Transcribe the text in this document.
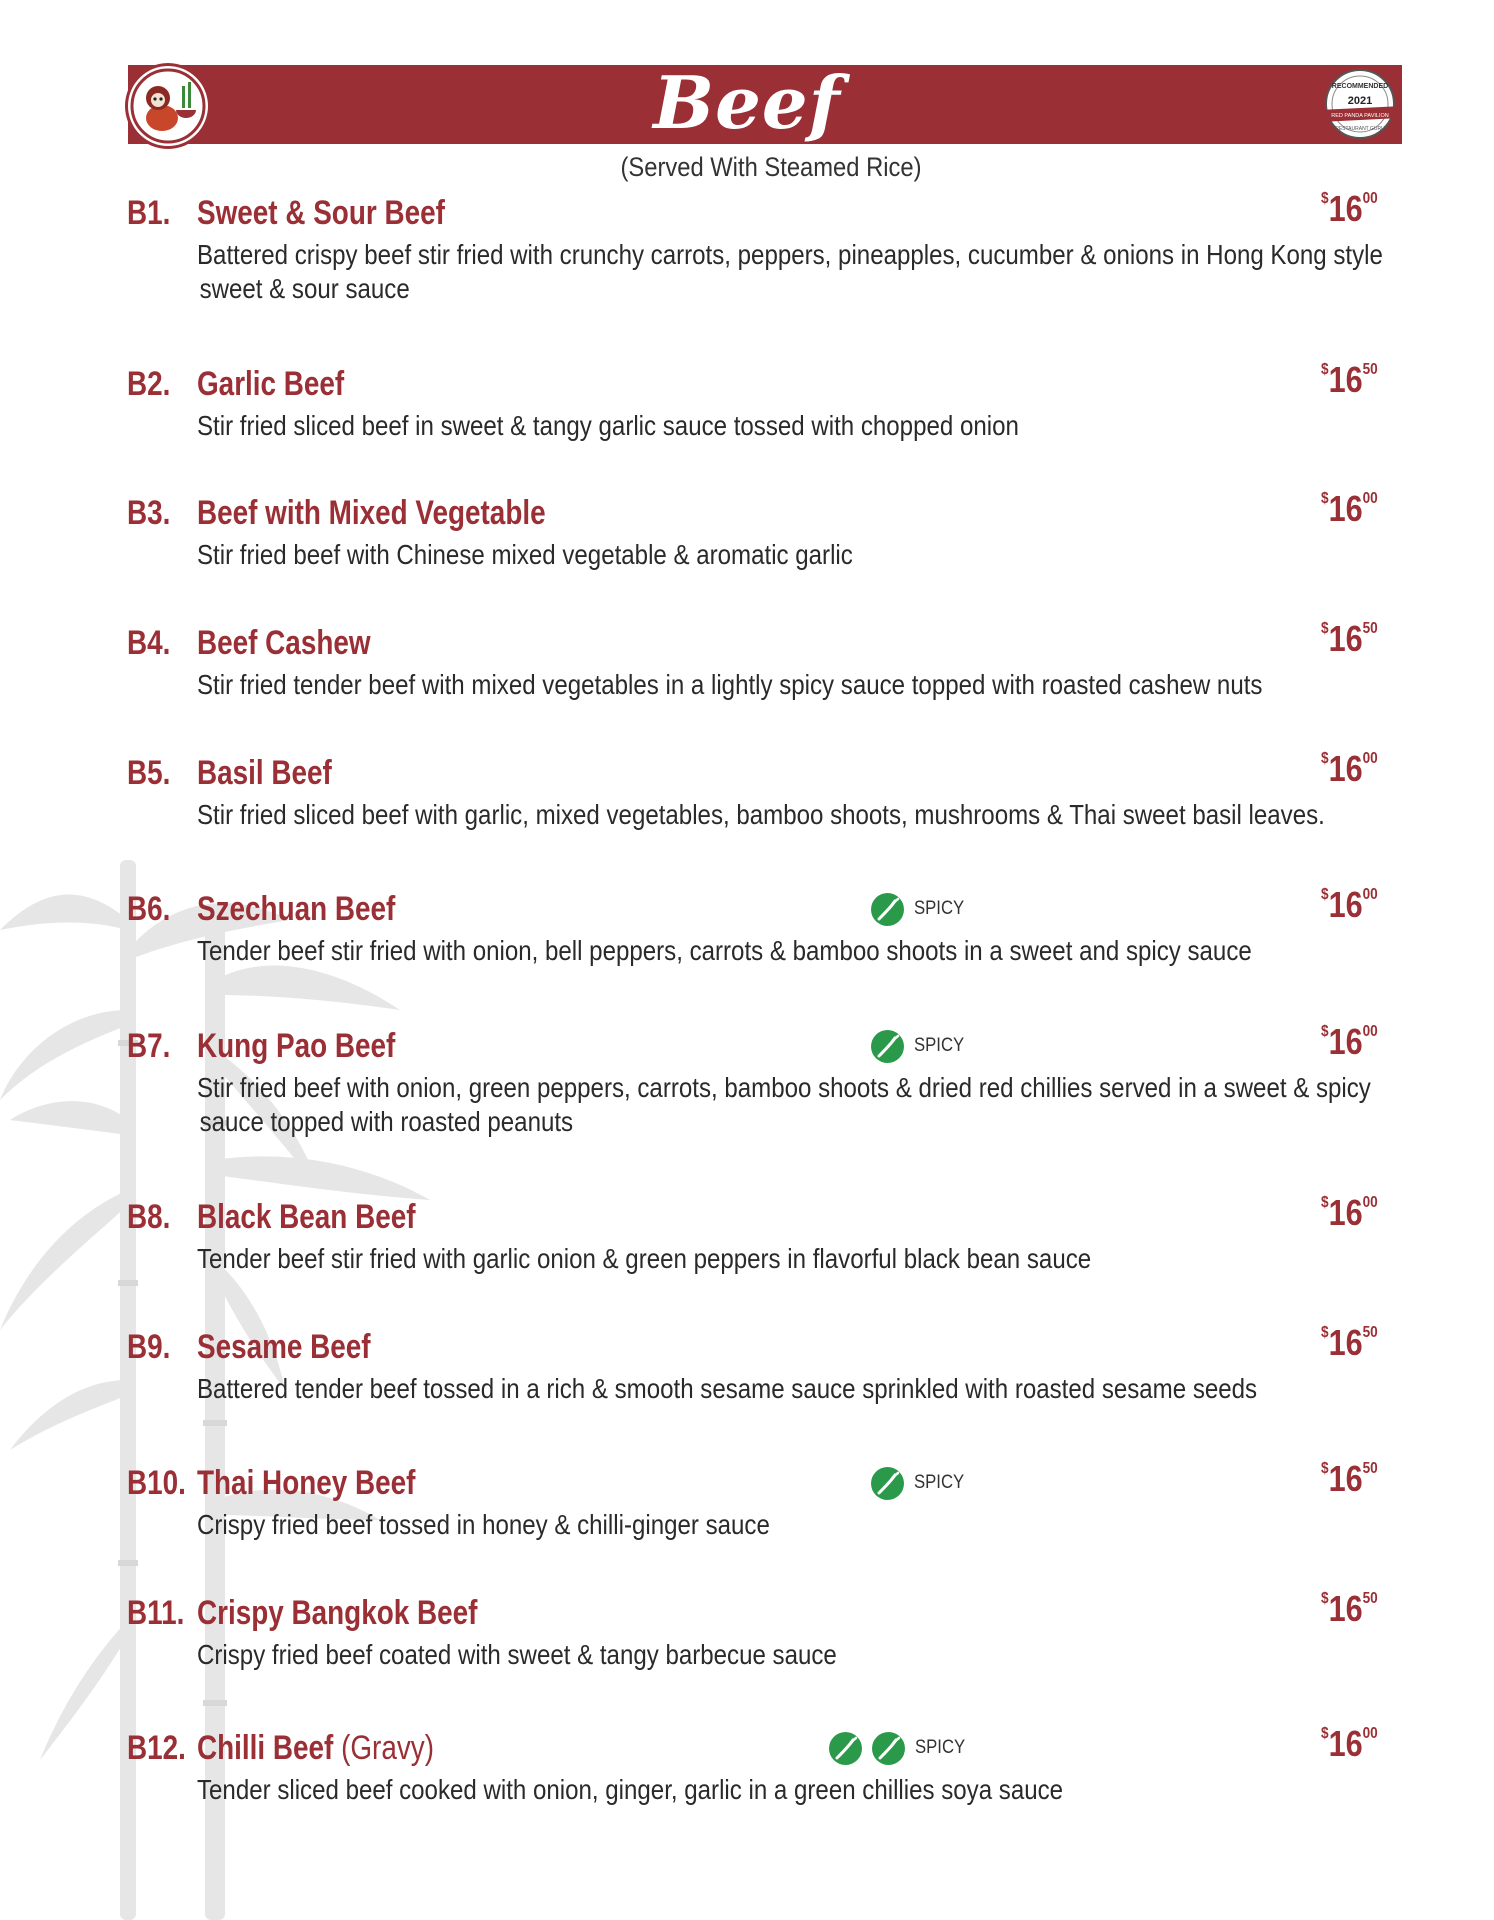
Beef	RECOMMENDED
2021
RED PANDA PAVILION
RESTAURANT GURU
(Served With Steamed Rice)
B1. Sweet & Sour Beef	$^{\$}16^{00}$
Battered crispy beef stir fried with crunchy carrots, peppers, pineapples, cucumber & onions in Hong Kong style
sweet & sour sauce
B2. Garlic Beef	$^{\$}16^{50}$
Stir fried sliced beef in sweet & tangy garlic sauce tossed with chopped onion
B3. Beef with Mixed Vegetable	$^{\$}16^{00}$
Stir fried beef with Chinese mixed vegetable & aromatic garlic
B4. Beef Cashew	$^{\$}16^{50}$
Stir fried tender beef with mixed vegetables in a lightly spicy sauce topped with roasted cashew nuts
B5. Basil Beef	$^{\$}16^{00}$
Stir fried sliced beef with garlic, mixed vegetables, bamboo shoots, mushrooms & Thai sweet basil leaves.
B6. Szechuan Beef	$^{\$}16^{00}$
Tender beef stir fried with onion, bell peppers, carrots & bamboo shoots in a sweet and spicy sauce
SPICY
B7. Kung Pao Beef	$^{\$}16^{00}$
Stir fried beef with onion, green peppers, carrots, bamboo shoots & dried red chillies served in a sweet & spicy
sauce topped with roasted peanuts
SPICY
B8. Black Bean Beef	$^{\$}16^{00}$
Tender beef stir fried with garlic onion & green peppers in flavorful black bean sauce
B9. Sesame Beef	$^{\$}16^{50}$
Battered tender beef tossed in a rich & smooth sesame sauce sprinkled with roasted sesame seeds
B10. Thai Honey Beef	$^{\$}16^{50}$
Crispy fried beef tossed in honey & chilli-ginger sauce
SPICY
B11. Crispy Bangkok Beef	$^{\$}16^{50}$
Crispy fried beef coated with sweet & tangy barbecue sauce
B12. Chilli Beef (Gravy)	$^{\$}16^{00}$
Tender sliced beef cooked with onion, ginger, garlic in a green chillies soya sauce
SPICY
